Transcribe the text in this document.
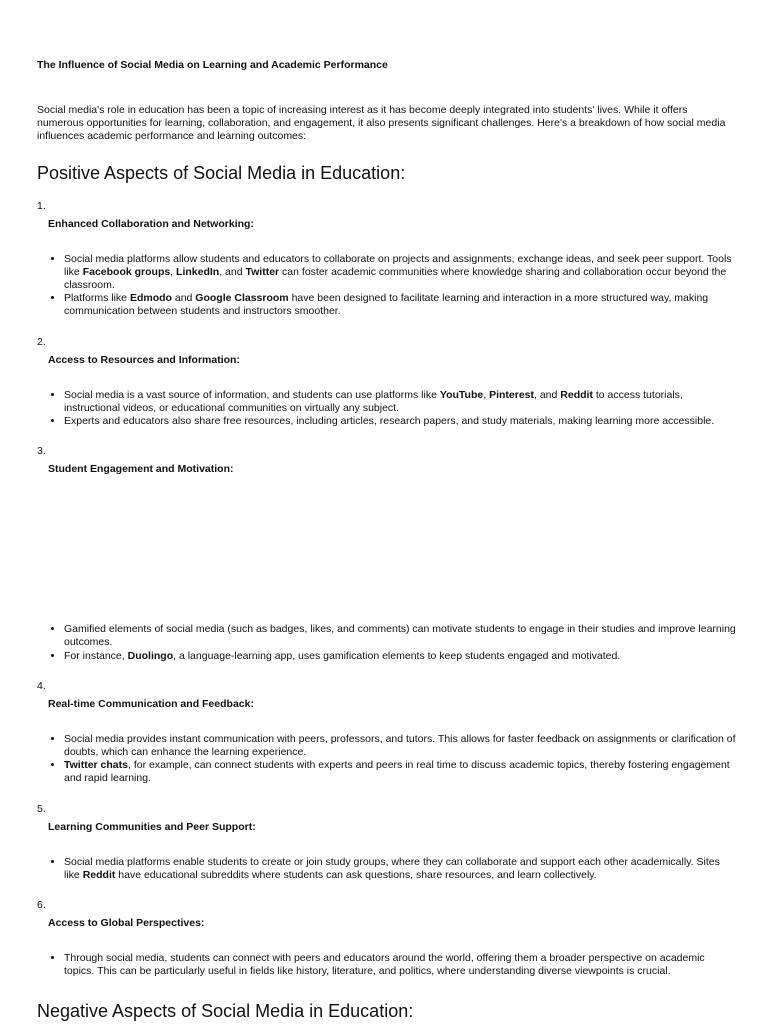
The Influence of Social Media on Learning and Academic Performance

Social media's role in education has been a topic of increasing interest as it has become deeply integrated into students' lives. While it offers numerous opportunities for learning, collaboration, and engagement, it also presents significant challenges. Here's a breakdown of how social media influences academic performance and learning outcomes:

Positive Aspects of Social Media in Education:

1.

Enhanced Collaboration and Networking:

• Social media platforms allow students and educators to collaborate on projects and assignments, exchange ideas, and seek peer support. Tools like Facebook groups, LinkedIn, and Twitter can foster academic communities where knowledge sharing and collaboration occur beyond the classroom.
• Platforms like Edmodo and Google Classroom have been designed to facilitate learning and interaction in a more structured way, making communication between students and instructors smoother.

2.

Access to Resources and Information:

• Social media is a vast source of information, and students can use platforms like YouTube, Pinterest, and Reddit to access tutorials, instructional videos, or educational communities on virtually any subject.
• Experts and educators also share free resources, including articles, research papers, and study materials, making learning more accessible.

3.

Student Engagement and Motivation:

• Gamified elements of social media (such as badges, likes, and comments) can motivate students to engage in their studies and improve learning outcomes.
• For instance, Duolingo, a language-learning app, uses gamification elements to keep students engaged and motivated.

4.

Real-time Communication and Feedback:

• Social media provides instant communication with peers, professors, and tutors. This allows for faster feedback on assignments or clarification of doubts, which can enhance the learning experience.
• Twitter chats, for example, can connect students with experts and peers in real time to discuss academic topics, thereby fostering engagement and rapid learning.

5.

Learning Communities and Peer Support:

• Social media platforms enable students to create or join study groups, where they can collaborate and support each other academically. Sites like Reddit have educational subreddits where students can ask questions, share resources, and learn collectively.

6.

Access to Global Perspectives:

• Through social media, students can connect with peers and educators around the world, offering them a broader perspective on academic topics. This can be particularly useful in fields like history, literature, and politics, where understanding diverse viewpoints is crucial.
Negative Aspects of Social Media in Education:
